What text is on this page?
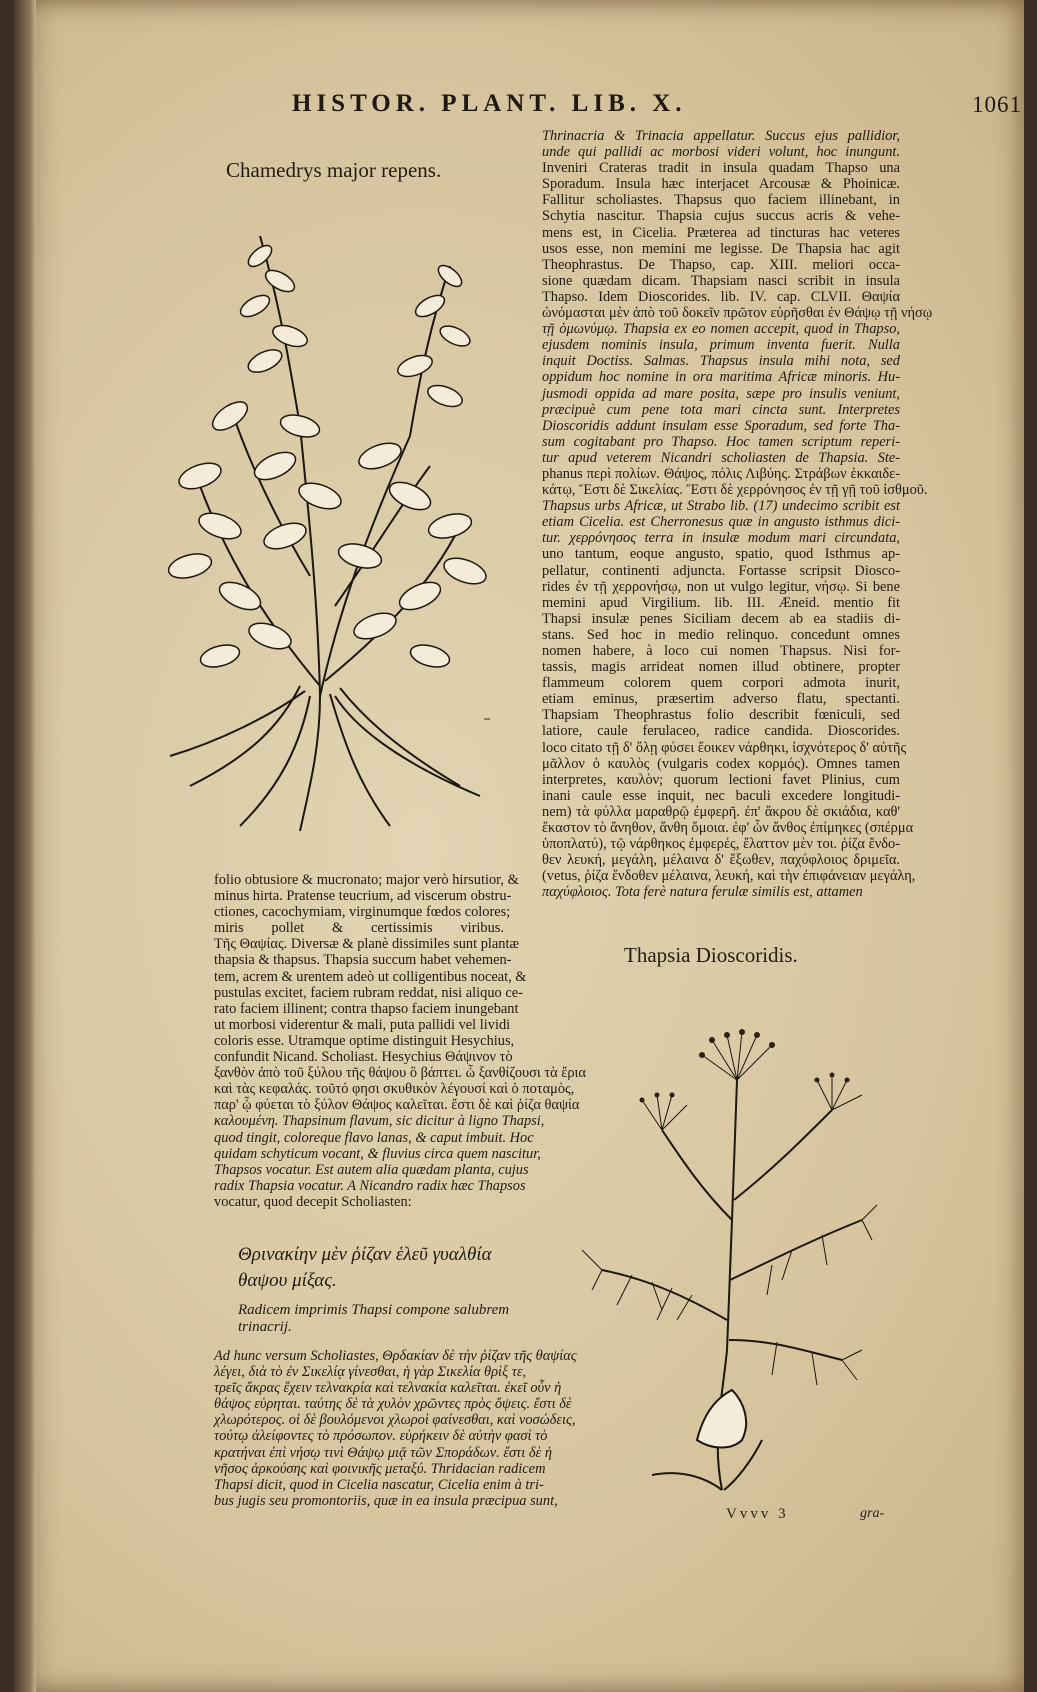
HISTOR. PLANT. LIB. X.	1061
Chamedrys major repens.
Thrinacria & Trinacia appellatur. Succus ejus pallidior,
unde qui pallidi ac morbosi videri volunt, hoc inungunt.
Inveniri Crateras tradit in insula quadam Thapso una
Sporadum. Insula hæc interjacet Arcousæ & Phoinicæ.
Fallitur scholiastes. Thapsus quo faciem illinebant, in
Schytia nascitur. Thapsia cujus succus acris & vehe-
mens est, in Cicelia. Præterea ad tincturas hac veteres
usos esse, non memini me legisse. De Thapsia hac agit
Theophrastus. De Thapso, cap. XIII. meliori occa-
sione quædam dicam. Thapsiam nasci scribit in insula
Thapso. Idem Dioscorides. lib. IV. cap. CLVII. Θαψία
ὠνόμασται μὲν ἀπὸ τοῦ δοκεῖν πρῶτον εὑρῆσθαι ἐν Θάψῳ τῇ νήσῳ
τῇ ὁμωνύμῳ. Thapsia ex eo nomen accepit, quod in Thapso,
ejusdem nominis insula, primum inventa fuerit. Nulla
inquit Doctiss. Salmas. Thapsus insula mihi nota, sed
oppidum hoc nomine in ora maritima Africæ minoris. Hu-
jusmodi oppida ad mare posita, sæpe pro insulis veniunt,
præcipuè cum pene tota mari cincta sunt. Interpretes
Dioscoridis addunt insulam esse Sporadum, sed forte Tha-
sum cogitabant pro Thapso. Hoc tamen scriptum reperi-
tur apud veterem Nicandri scholiasten de Thapsia. Ste-
phanus περὶ πολίων. Θάψος, πόλις Λιβύης. Στράβων ἑκκαιδε-
κάτῳ, Ἔστι δὲ Σικελίας. Ἔστι δὲ χερρόνησος ἐν τῇ γῇ τοῦ ἰσθμοῦ.
Thapsus urbs Africæ, ut Strabo lib. (17) undecimo scribit est
etiam Cicelia. est Cherronesus quæ in angusto isthmus dici-
tur. χερρόνησος terra in insulæ modum mari circundata,
uno tantum, eoque angusto, spatio, quod Isthmus ap-
pellatur, continenti adjuncta. Fortasse scripsit Diosco-
rides ἐν τῇ χερρονήσῳ, non ut vulgo legitur, νήσῳ. Si bene
memini apud Virgilium. lib. III. Æneid. mentio fit
Thapsi insulæ penes Siciliam decem ab ea stadiis di-
stans. Sed hoc in medio relinquo. concedunt omnes
nomen habere, à loco cui nomen Thapsus. Nisi for-
tassis, magis arrideat nomen illud obtinere, propter
flammeum colorem quem corpori admota inurit,
etiam eminus, præsertim adverso flatu, spectanti.
Thapsiam Theophrastus folio describit fœniculi, sed
latiore, caule ferulaceo, radice candida. Dioscorides.
loco citato τῇ δ' ὅλῃ φύσει ἔοικεν νάρθηκι, ἰσχνότερος δ' αὐτῆς
μᾶλλον ὁ καυλὸς (vulgaris codex κορμός). Omnes tamen
interpretes, καυλὸν; quorum lectioni favet Plinius, cum
inani caule esse inquit, nec baculi excedere longitudi-
nem) τὰ φύλλα μαραθρῷ ἐμφερῆ. ἐπ' ἄκρου δὲ σκιάδια, καθ'
ἕκαστον τὸ ἄνηθον, ἄνθη ὅμοια. ἐφ' ὧν ἄνθος ἐπίμηκες (σπέρμα
ὑποπλατύ), τῷ νάρθηκος ἐμφερές, ἔλαττον μὲν τοι. ῥίζα ἔνδο-
θεν λευκή, μεγάλη, μέλαινα δ' ἔξωθεν, παχύφλοιος δριμεῖα.
(vetus, ῥίζα ἔνδοθεν μέλαινα, λευκή, καὶ τὴν ἐπιφάνειαν μεγάλη,
παχύφλοιος. Tota ferè natura ferulæ similis est, attamen
folio obtusiore & mucronato; major verò hirsutior, &
minus hirta. Pratense teucrium, ad viscerum obstru-
ctiones, cacochymiam, virginumque fœdos colores;
miris pollet & certissimis viribus.
Τῆς Θαψίας. Diversæ & planè dissimiles sunt plantæ
thapsia & thapsus. Thapsia succum habet vehemen-
tem, acrem & urentem adeò ut colligentibus noceat, &
pustulas excitet, faciem rubram reddat, nisi aliquo ce-
rato faciem illinent; contra thapso faciem inungebant
ut morbosi viderentur & mali, puta pallidi vel lividi
coloris esse. Utramque optime distinguit Hesychius,
confundit Nicand. Scholiast. Hesychius Θάψινον τὸ
ξανθὸν ἀπὸ τοῦ ξύλου τῆς θάψου ὃ βάπτει. ὦ ξανθίζουσι τὰ ἔρια
καὶ τὰς κεφαλάς. τοῦτό φησι σκυθικὸν λέγουσί καὶ ὁ ποταμὸς,
παρ' ᾧ φύεται τὸ ξύλον Θάψος καλεῖται. ἔστι δὲ καὶ ῥίζα θαψία
καλουμένη. Thapsinum flavum, sic dicitur à ligno Thapsi,
quod tingit, coloreque flavo lanas, & caput imbuit. Hoc
quidam schyticum vocant, & fluvius circa quem nascitur,
Thapsos vocatur. Est autem alia quædam planta, cujus
radix Thapsia vocatur. A Nicandro radix hæc Thapsos
vocatur, quod decepit Scholiasten:
Θρινακίην μὲν ῥίζαν ἑλεῦ γυαλθία θαψου μίξας.
Radicem imprimis Thapsi compone salubrem trinacrij.
Ad hunc versum Scholiastes, Θρδακίαν δὲ τὴν ῥίζαν τῆς θαψίας
λέγει, διὰ τὸ ἐν Σικελίᾳ γίνεσθαι, ἡ γὰρ Σικελία θρὶξ τε,
τρεῖς ἄκρας ἔχειν τελνακρία καὶ τελνακία καλεῖται. ἐκεῖ οὖν ἡ
θάψος εὑρηται. ταύτης δὲ τὰ χυλὸν χρῶντες πρὸς ὄψεις. ἔστι δὲ
χλωρότερος. οἱ δὲ βουλόμενοι χλωροὶ φαίνεσθαι, καὶ νοσώδεις,
τούτῳ ἀλείφοντες τὸ πρόσωπον. εὑρήκειν δὲ αὐτὴν φασὶ τὸ
κρατήναι ἐπὶ νήσῳ τινὶ Θάψῳ μιᾷ τῶν Σποράδων. ἔστι δὲ ἡ
νῆσος ἀρκούσης καὶ φοινικῆς μεταξύ. Thridacian radicem
Thapsi dicit, quod in Cicelia nascatur, Cicelia enim à tri-
bus jugis seu promontoriis, quæ in ea insula præcipua sunt,
Thapsia Dioscoridis.
Vvvv 3	gra-
